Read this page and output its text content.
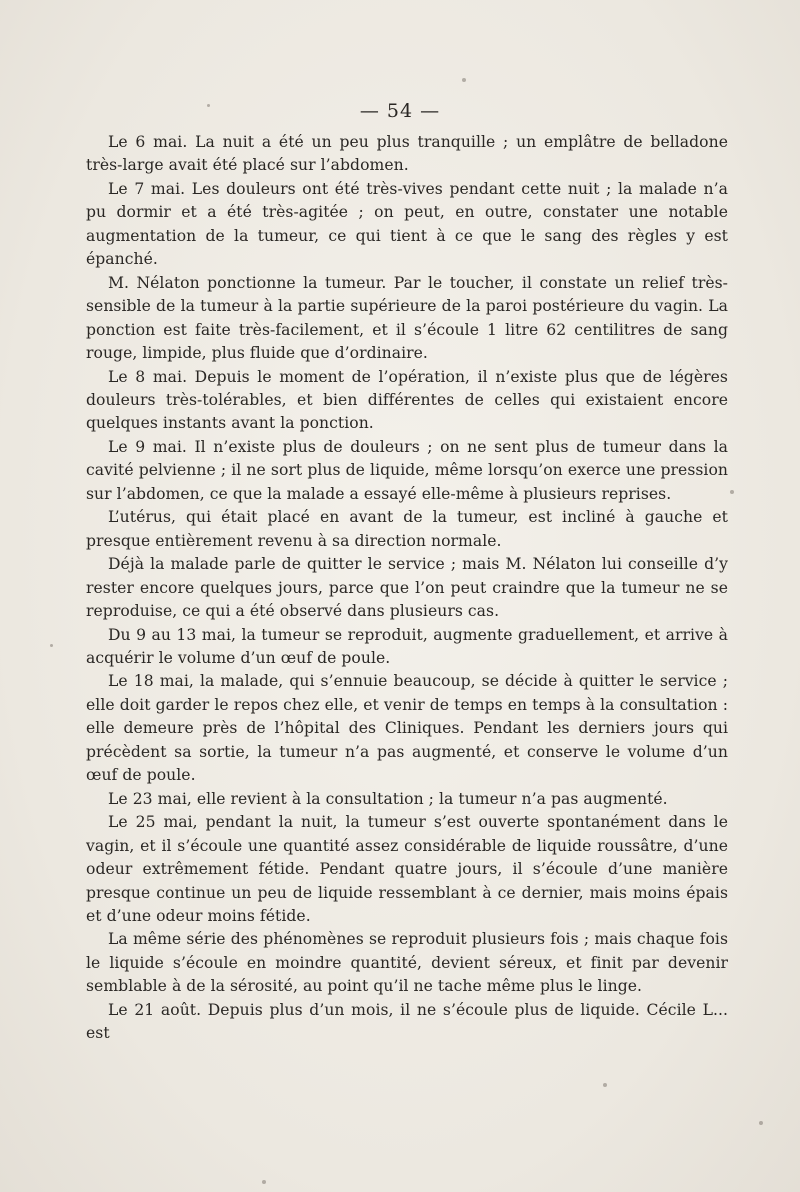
— 54 —

Le 6 mai. La nuit a été un peu plus tranquille ; un emplâtre de belladone très-large avait été placé sur l’abdomen.

Le 7 mai. Les douleurs ont été très-vives pendant cette nuit ; la malade n’a pu dormir et a été très-agitée ; on peut, en outre, constater une notable augmentation de la tumeur, ce qui tient à ce que le sang des règles y est épanché.

M. Nélaton ponctionne la tumeur. Par le toucher, il constate un relief très-sensible de la tumeur à la partie supérieure de la paroi postérieure du vagin. La ponction est faite très-facilement, et il s’écoule 1 litre 62 centilitres de sang rouge, limpide, plus fluide que d’ordinaire.

Le 8 mai. Depuis le moment de l’opération, il n’existe plus que de légères douleurs très-tolérables, et bien différentes de celles qui existaient encore quelques instants avant la ponction.

Le 9 mai. Il n’existe plus de douleurs ; on ne sent plus de tumeur dans la cavité pelvienne ; il ne sort plus de liquide, même lorsqu’on exerce une pression sur l’abdomen, ce que la malade a essayé elle-même à plusieurs reprises.

L’utérus, qui était placé en avant de la tumeur, est incliné à gauche et presque entièrement revenu à sa direction normale.

Déjà la malade parle de quitter le service ; mais M. Nélaton lui conseille d’y rester encore quelques jours, parce que l’on peut craindre que la tumeur ne se reproduise, ce qui a été observé dans plusieurs cas.

Du 9 au 13 mai, la tumeur se reproduit, augmente graduellement, et arrive à acquérir le volume d’un œuf de poule.

Le 18 mai, la malade, qui s’ennuie beaucoup, se décide à quitter le service ; elle doit garder le repos chez elle, et venir de temps en temps à la consultation : elle demeure près de l’hôpital des Cliniques. Pendant les derniers jours qui précèdent sa sortie, la tumeur n’a pas augmenté, et conserve le volume d’un œuf de poule.

Le 23 mai, elle revient à la consultation ; la tumeur n’a pas augmenté.

Le 25 mai, pendant la nuit, la tumeur s’est ouverte spontanément dans le vagin, et il s’écoule une quantité assez considérable de liquide roussâtre, d’une odeur extrêmement fétide. Pendant quatre jours, il s’écoule d’une manière presque continue un peu de liquide ressemblant à ce dernier, mais moins épais et d’une odeur moins fétide.

La même série des phénomènes se reproduit plusieurs fois ; mais chaque fois le liquide s’écoule en moindre quantité, devient séreux, et finit par devenir semblable à de la sérosité, au point qu’il ne tache même plus le linge.

Le 21 août. Depuis plus d’un mois, il ne s’écoule plus de liquide. Cécile L... est
